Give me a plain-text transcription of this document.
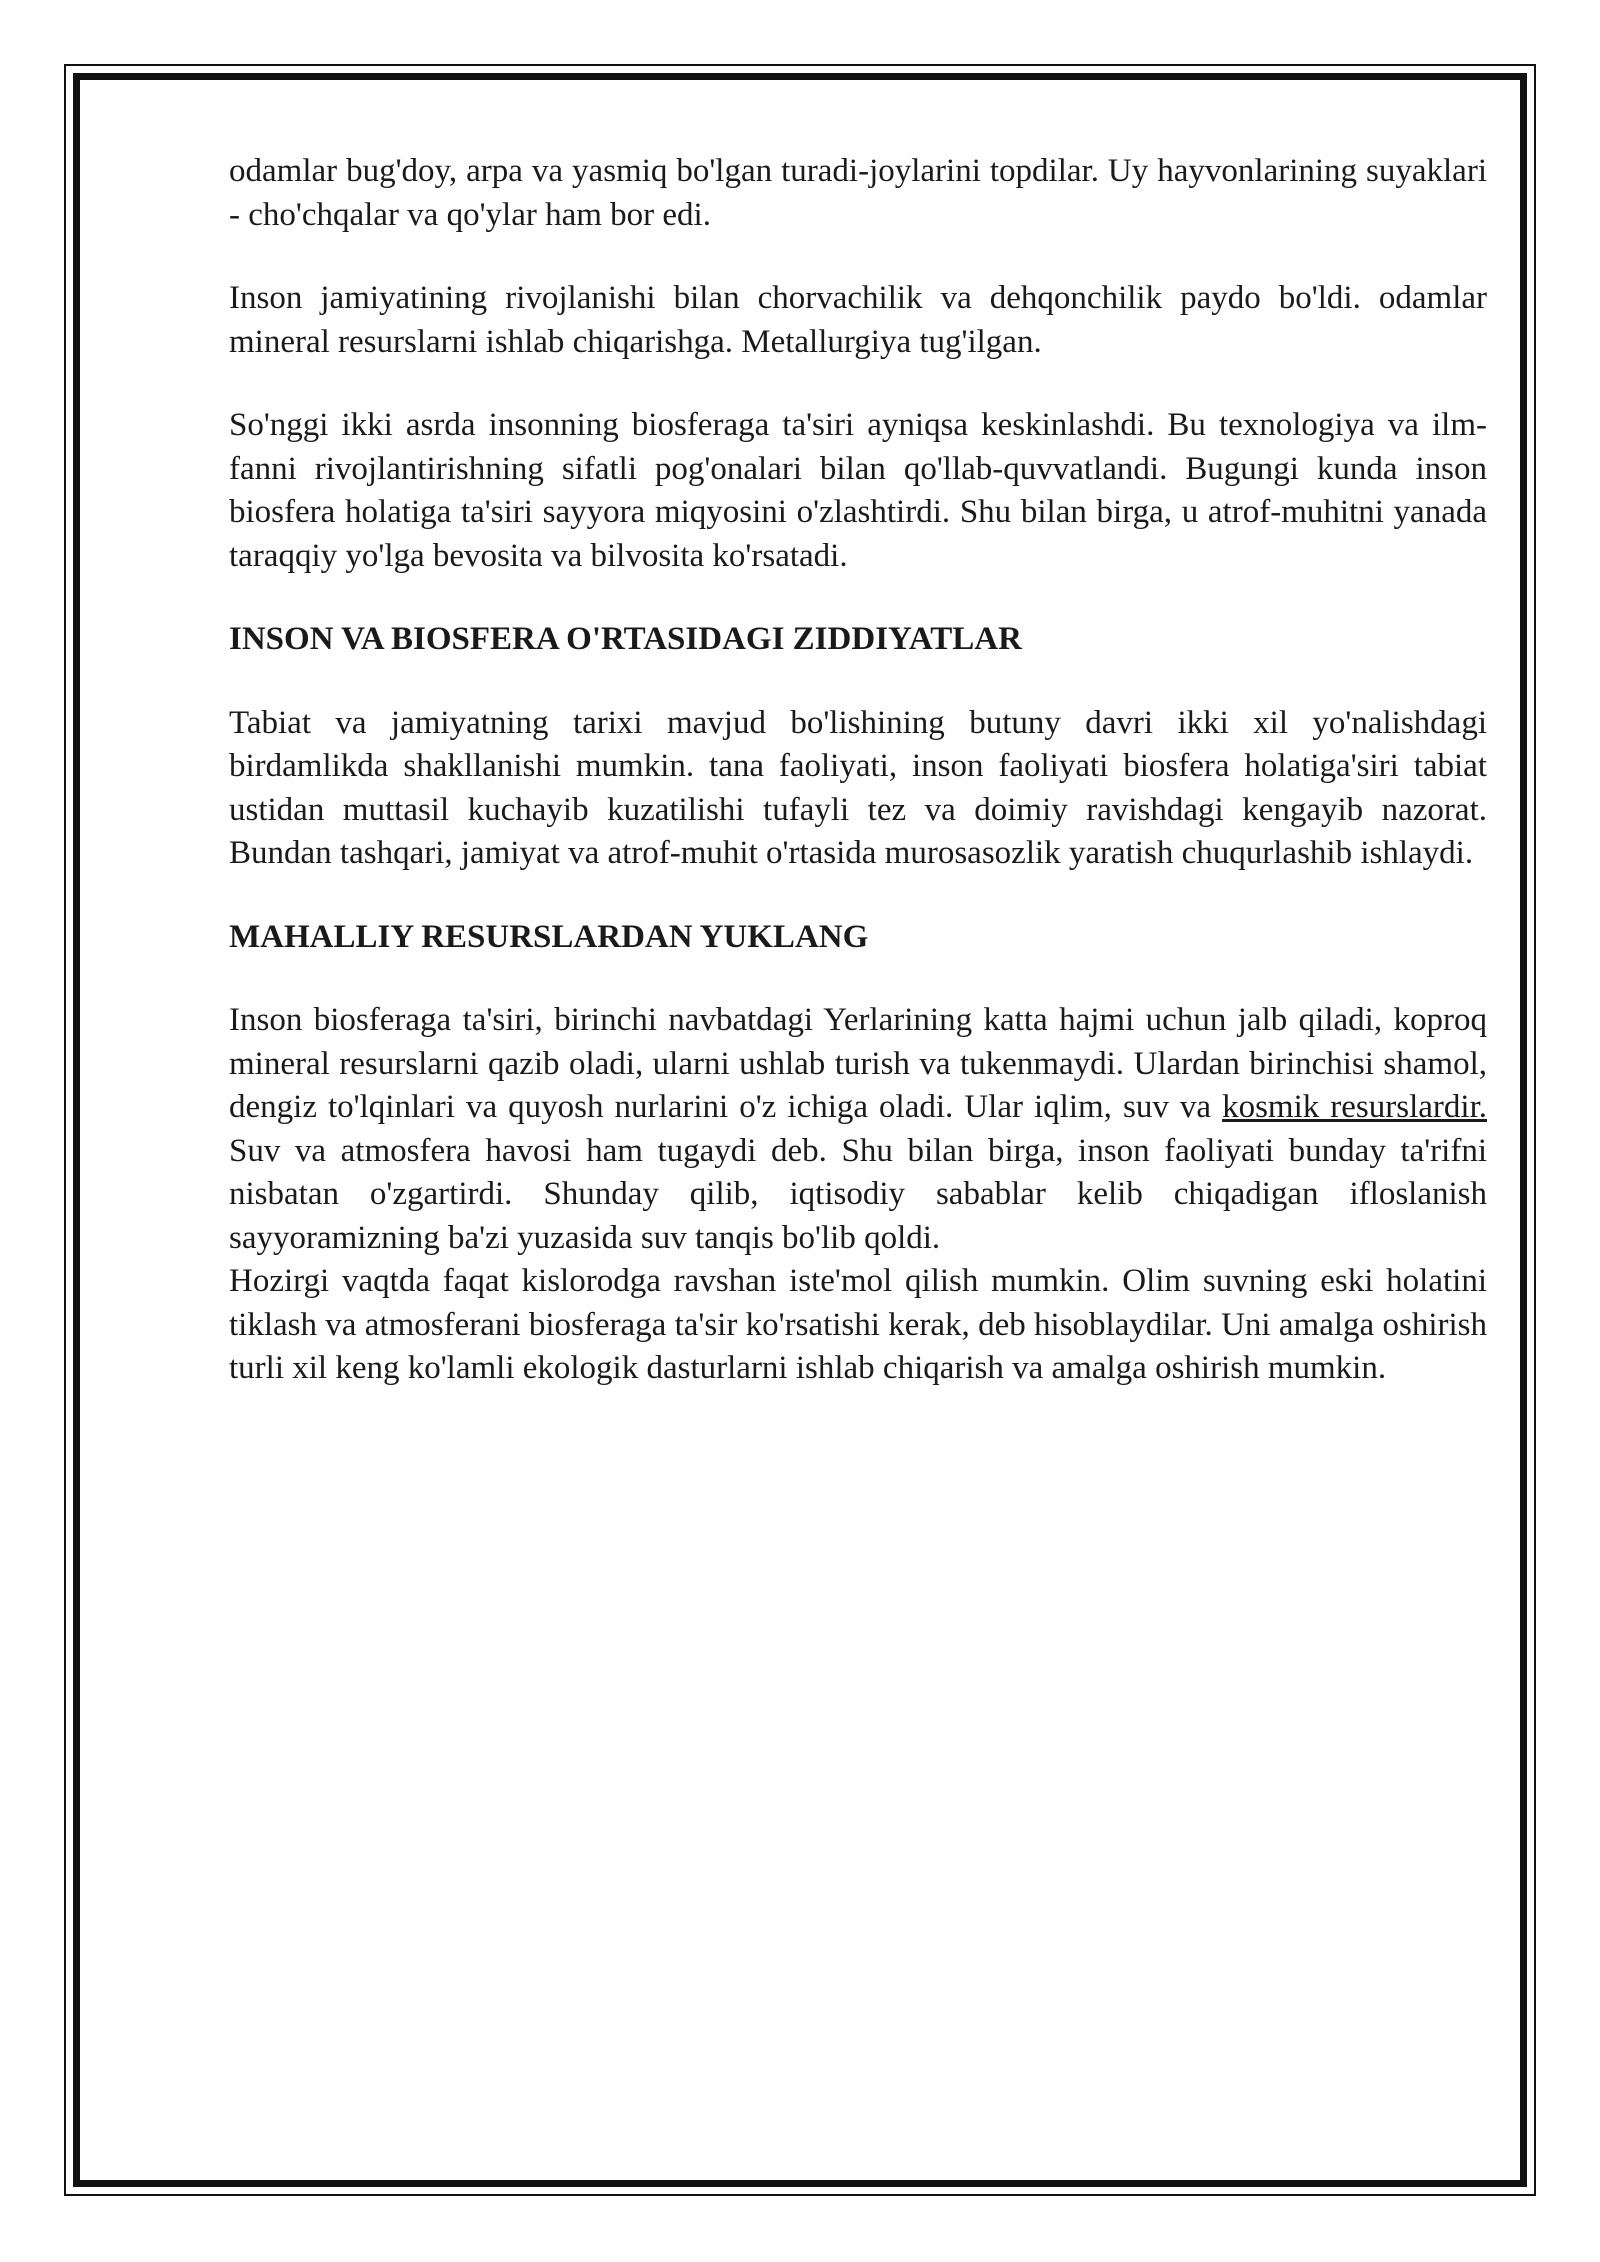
odamlar bug'doy, arpa va yasmiq bo'lgan turadi-joylarini topdilar. Uy hayvonlarining suyaklari - cho'chqalar va qo'ylar ham bor edi.

Inson jamiyatining rivojlanishi bilan chorvachilik va dehqonchilik paydo bo'ldi. odamlar mineral resurslarni ishlab chiqarishga. Metallurgiya tug'ilgan.

So'nggi ikki asrda insonning biosferaga ta'siri ayniqsa keskinlashdi. Bu texnologiya va ilm-fanni rivojlantirishning sifatli pog'onalari bilan qo'llab-quvvatlandi. Bugungi kunda inson biosfera holatiga ta'siri sayyora miqyosini o'zlashtirdi. Shu bilan birga, u atrof-muhitni yanada taraqqiy yo'lga bevosita va bilvosita ko'rsatadi.

INSON VA BIOSFERA O'RTASIDAGI ZIDDIYATLAR

Tabiat va jamiyatning tarixi mavjud bo'lishining butuny davri ikki xil yo'nalishdagi birdamlikda shakllanishi mumkin. tana faoliyati, inson faoliyati biosfera holatiga'siri tabiat ustidan muttasil kuchayib kuzatilishi tufayli tez va doimiy ravishdagi kengayib nazorat. Bundan tashqari, jamiyat va atrof-muhit o'rtasida murosasozlik yaratish chuqurlashib ishlaydi.

MAHALLIY RESURSLARDAN YUKLANG

Inson biosferaga ta'siri, birinchi navbatdagi Yerlarining katta hajmi uchun jalb qiladi, koproq mineral resurslarni qazib oladi, ularni ushlab turish va tukenmaydi. Ulardan birinchisi shamol, dengiz to'lqinlari va quyosh nurlarini o'z ichiga oladi. Ular iqlim, suv va kosmik resurslardir. Suv va atmosfera havosi ham tugaydi deb. Shu bilan birga, inson faoliyati bunday ta'rifni nisbatan o'zgartirdi. Shunday qilib, iqtisodiy sabablar kelib chiqadigan ifloslanish sayyoramizning ba'zi yuzasida suv tanqis bo'lib qoldi.

Hozirgi vaqtda faqat kislorodga ravshan iste'mol qilish mumkin. Olim suvning eski holatini tiklash va atmosferani biosferaga ta'sir ko'rsatishi kerak, deb hisoblaydilar. Uni amalga oshirish turli xil keng ko'lamli ekologik dasturlarni ishlab chiqarish va amalga oshirish mumkin.
